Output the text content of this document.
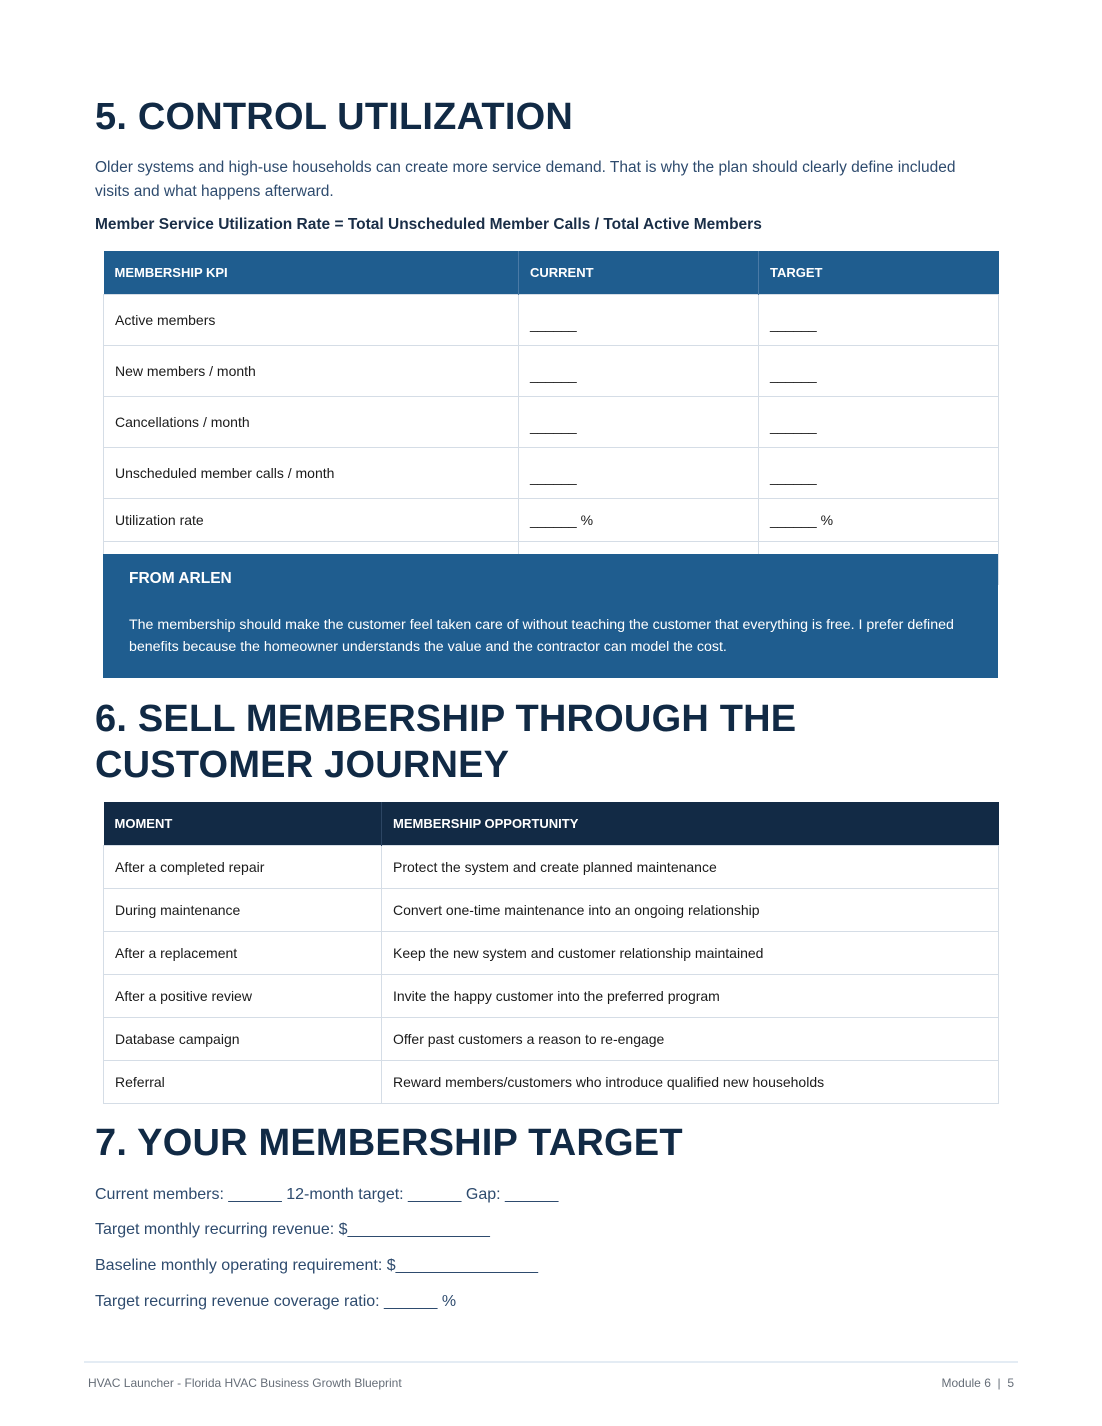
5. CONTROL UTILIZATION
Older systems and high-use households can create more service demand. That is why the plan should clearly define included visits and what happens afterward.
Member Service Utilization Rate = Total Unscheduled Member Calls / Total Active Members
MEMBERSHIP KPI	CURRENT	TARGET
Active members	______	______
New members / month	______	______
Cancellations / month	______	______
Unscheduled member calls / month	______	______
Utilization rate	______ %	______ %

FROM ARLEN
The membership should make the customer feel taken care of without teaching the customer that everything is free. I prefer defined benefits because the homeowner understands the value and the contractor can model the cost.
6. SELL MEMBERSHIP THROUGH THE CUSTOMER JOURNEY
MOMENT	MEMBERSHIP OPPORTUNITY
After a completed repair	Protect the system and create planned maintenance
During maintenance	Convert one-time maintenance into an ongoing relationship
After a replacement	Keep the new system and customer relationship maintained
After a positive review	Invite the happy customer into the preferred program
Database campaign	Offer past customers a reason to re-engage
Referral	Reward members/customers who introduce qualified new households
7. YOUR MEMBERSHIP TARGET
Current members: ______ 12-month target: ______ Gap: ______
Target monthly recurring revenue: $________________
Baseline monthly operating requirement: $________________
Target recurring revenue coverage ratio: ______ %
HVAC Launcher - Florida HVAC Business Growth Blueprint	Module 6  |  5
